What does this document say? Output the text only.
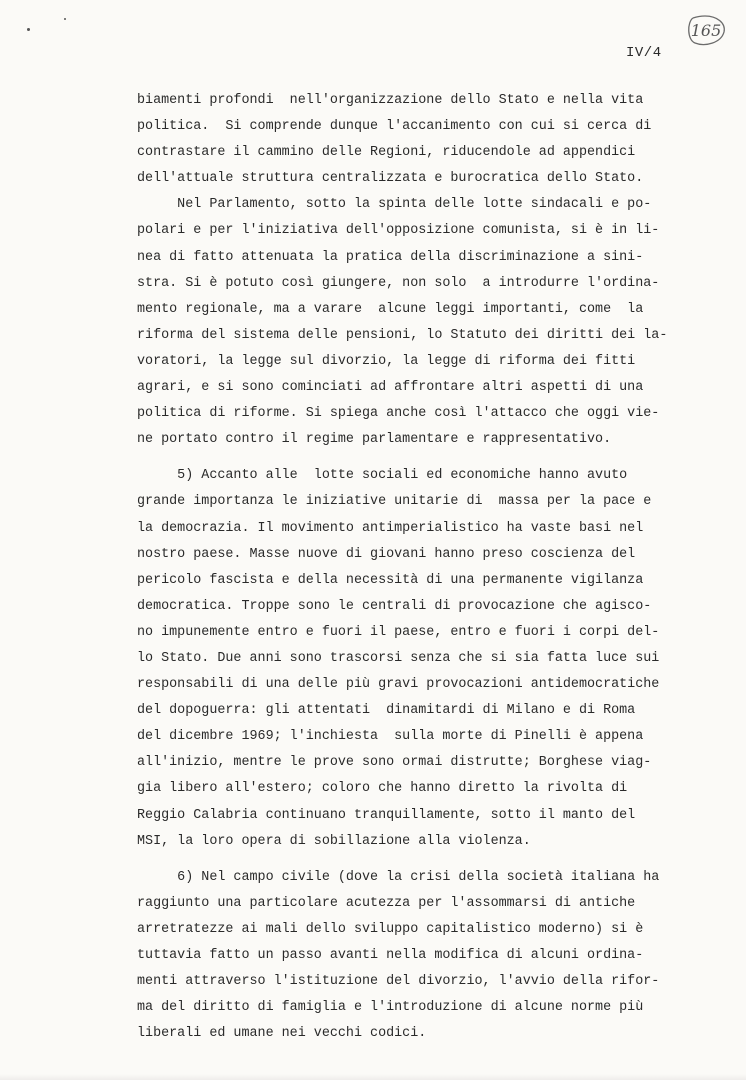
165
IV/4
biamenti profondi  nell'organizzazione dello Stato e nella vita
politica.  Si comprende dunque l'accanimento con cui si cerca di
contrastare il cammino delle Regioni, riducendole ad appendici
dell'attuale struttura centralizzata e burocratica dello Stato.
Nel Parlamento, sotto la spinta delle lotte sindacali e po-
polari e per l'iniziativa dell'opposizione comunista, si è in li-
nea di fatto attenuata la pratica della discriminazione a sini-
stra. Si è potuto così giungere, non solo  a introdurre l'ordina-
mento regionale, ma a varare  alcune leggi importanti, come  la
riforma del sistema delle pensioni, lo Statuto dei diritti dei la-
voratori, la legge sul divorzio, la legge di riforma dei fitti
agrari, e si sono cominciati ad affrontare altri aspetti di una
politica di riforme. Si spiega anche così l'attacco che oggi vie-
ne portato contro il regime parlamentare e rappresentativo.
5) Accanto alle  lotte sociali ed economiche hanno avuto
grande importanza le iniziative unitarie di  massa per la pace e
la democrazia. Il movimento antimperialistico ha vaste basi nel
nostro paese. Masse nuove di giovani hanno preso coscienza del
pericolo fascista e della necessità di una permanente vigilanza
democratica. Troppe sono le centrali di provocazione che agisco-
no impunemente entro e fuori il paese, entro e fuori i corpi del-
lo Stato. Due anni sono trascorsi senza che si sia fatta luce sui
responsabili di una delle più gravi provocazioni antidemocratiche
del dopoguerra: gli attentati  dinamitardi di Milano e di Roma
del dicembre 1969; l'inchiesta  sulla morte di Pinelli è appena
all'inizio, mentre le prove sono ormai distrutte; Borghese viag-
gia libero all'estero; coloro che hanno diretto la rivolta di
Reggio Calabria continuano tranquillamente, sotto il manto del
MSI, la loro opera di sobillazione alla violenza.
6) Nel campo civile (dove la crisi della società italiana ha
raggiunto una particolare acutezza per l'assommarsi di antiche
arretratezze ai mali dello sviluppo capitalistico moderno) si è
tuttavia fatto un passo avanti nella modifica di alcuni ordina-
menti attraverso l'istituzione del divorzio, l'avvio della rifor-
ma del diritto di famiglia e l'introduzione di alcune norme più
liberali ed umane nei vecchi codici.
